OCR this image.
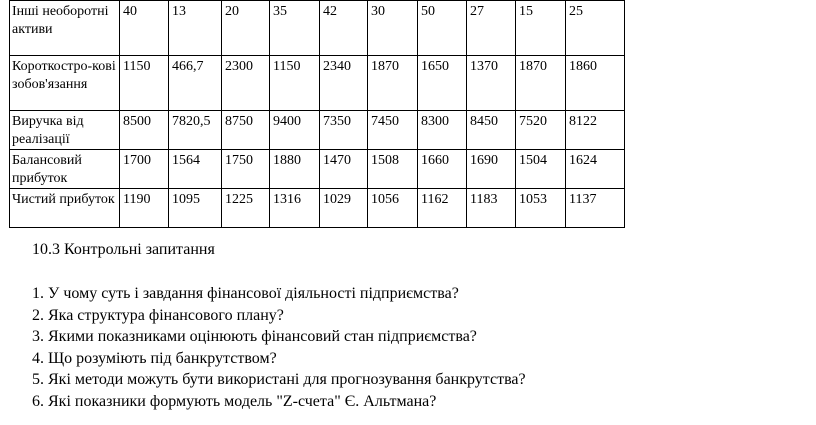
Інші необоротні активи	40	13	20	35	42	30	50	27	15	25
Короткостро-кові зобов'язання	1150	466,7	2300	1150	2340	1870	1650	1370	1870	1860
Виручка від реалізації	8500	7820,5	8750	9400	7350	7450	8300	8450	7520	8122
Балансовий прибуток	1700	1564	1750	1880	1470	1508	1660	1690	1504	1624
Чистий прибуток	1190	1095	1225	1316	1029	1056	1162	1183	1053	1137
10.3 Контрольні запитання
1. У чому суть і завдання фінансової діяльності підприємства?
2. Яка структура фінансового плану?
3. Якими показниками оцінюють фінансовий стан підприємства?
4. Що розуміють під банкрутством?
5. Які методи можуть бути використані для прогнозування банкрутства?
6. Які показники формують модель "Z-счета" Є. Альтмана?
